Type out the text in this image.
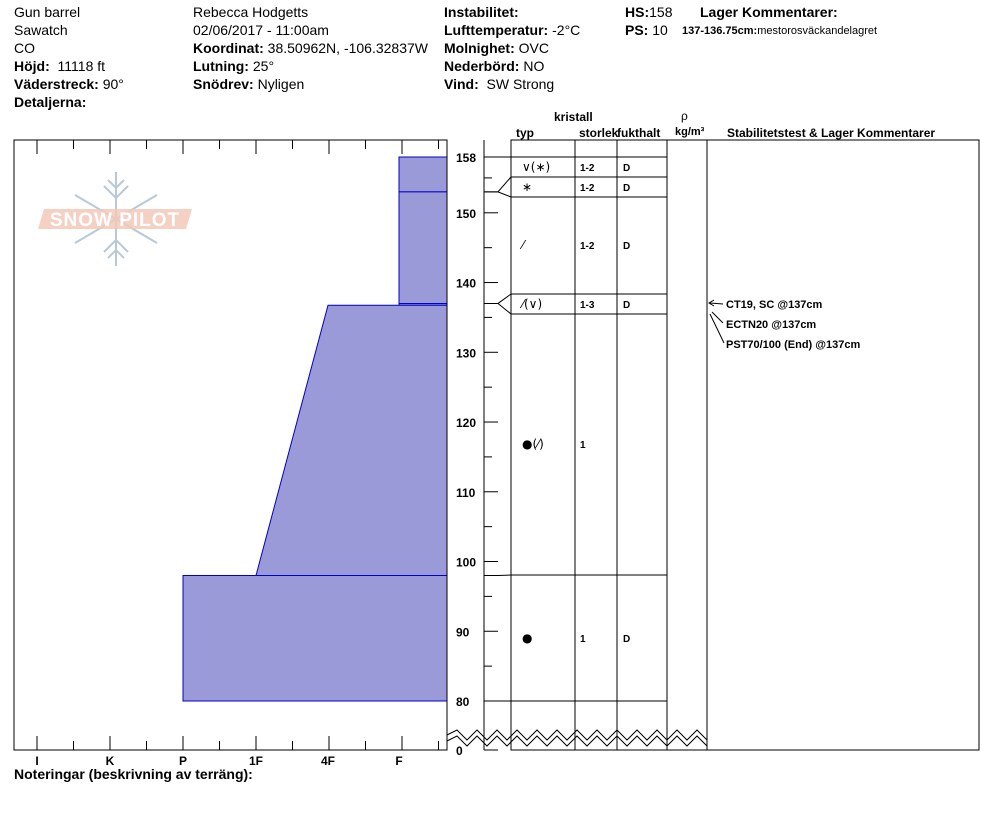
Gun barrel
Sawatch
CO
Höjd: 11118 ft
Väderstreck: 90°
Detaljerna:
Rebecca Hodgetts
02/06/2017 - 11:00am
Koordinat: 38.50962N, -106.32837W
Lutning: 25°
Snödrev: Nyligen
Instabilitet:
Lufttemperatur: -2°C
Molnighet: OVC
Nederbörd: NO
Vind: SW Strong
HS:158
PS: 10
Lager Kommentarer:
137-136.75cm:mestorosväckandelagret
SNOW PILOT
I	K	P	1F	4F	F
158
150
140
130
120
110
100
90
80
0
∨(∗)	1-2	D
∗	1-2	D
⁄	1-2	D
⁄(∨)	1-3	D
●(⁄)	1
●	1	D
kristall
typ	storlek
fukthalt
ρ
kg/m³ Stabilitetstest & Lager Kommentarer
CT19, SC @137cm
ECTN20 @137cm
PST70/100 (End) @137cm
Noteringar (beskrivning av terräng):
